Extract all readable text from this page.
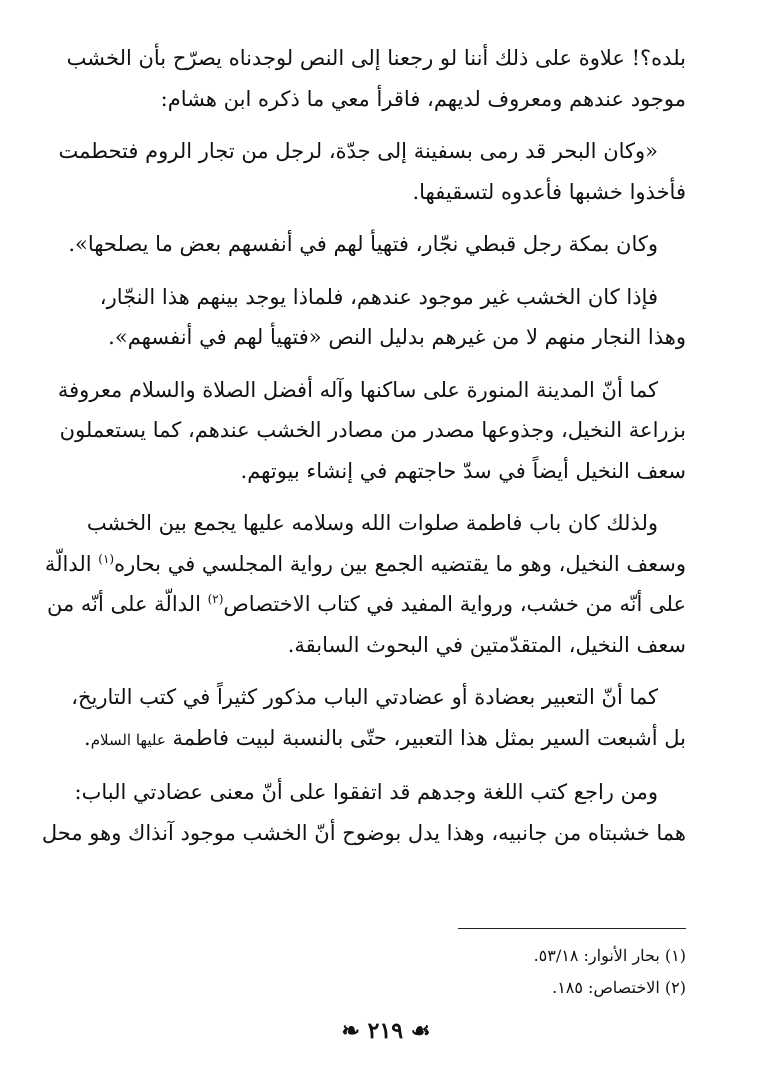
بلده؟! علاوة على ذلك أننا لو رجعنا إلى النص لوجدناه يصرّح بأن الخشب
موجود عندهم ومعروف لديهم، فاقرأ معي ما ذكره ابن هشام:

«وكان البحر قد رمى بسفينة إلى جدّة، لرجل من تجار الروم فتحطمت
فأخذوا خشبها فأعدوه لتسقيفها.

وكان بمكة رجل قبطي نجّار، فتهيأ لهم في أنفسهم بعض ما يصلحها».

فإذا كان الخشب غير موجود عندهم، فلماذا يوجد بينهم هذا النجّار،
وهذا النجار منهم لا من غيرهم بدليل النص «فتهيأ لهم في أنفسهم».

كما أنّ المدينة المنورة على ساكنها وآله أفضل الصلاة والسلام معروفة
بزراعة النخيل، وجذوعها مصدر من مصادر الخشب عندهم، كما يستعملون
سعف النخيل أيضاً في سدّ حاجتهم في إنشاء بيوتهم.

ولذلك كان باب فاطمة صلوات الله وسلامه عليها يجمع بين الخشب
وسعف النخيل، وهو ما يقتضيه الجمع بين رواية المجلسي في بحاره$^{(١)}$ الدالّة
على أنّه من خشب، ورواية المفيد في كتاب الاختصاص$^{(٢)}$ الدالّة على أنّه من
سعف النخيل، المتقدّمتين في البحوث السابقة.

كما أنّ التعبير بعضادة أو عضادتي الباب مذكور كثيراً في كتب التاريخ،
بل أشبعت السير بمثل هذا التعبير، حتّى بالنسبة لبيت فاطمة عليها السلام.

ومن راجع كتب اللغة وجدهم قد اتفقوا على أنّ معنى عضادتي الباب:
هما خشبتاه من جانبيه، وهذا يدل بوضوح أنّ الخشب موجود آنذاك وهو محل

(١) بحار الأنوار: ٥٣/١٨.
(٢) الاختصاص: ١٨٥.
❧ ٢١٩ ☙
